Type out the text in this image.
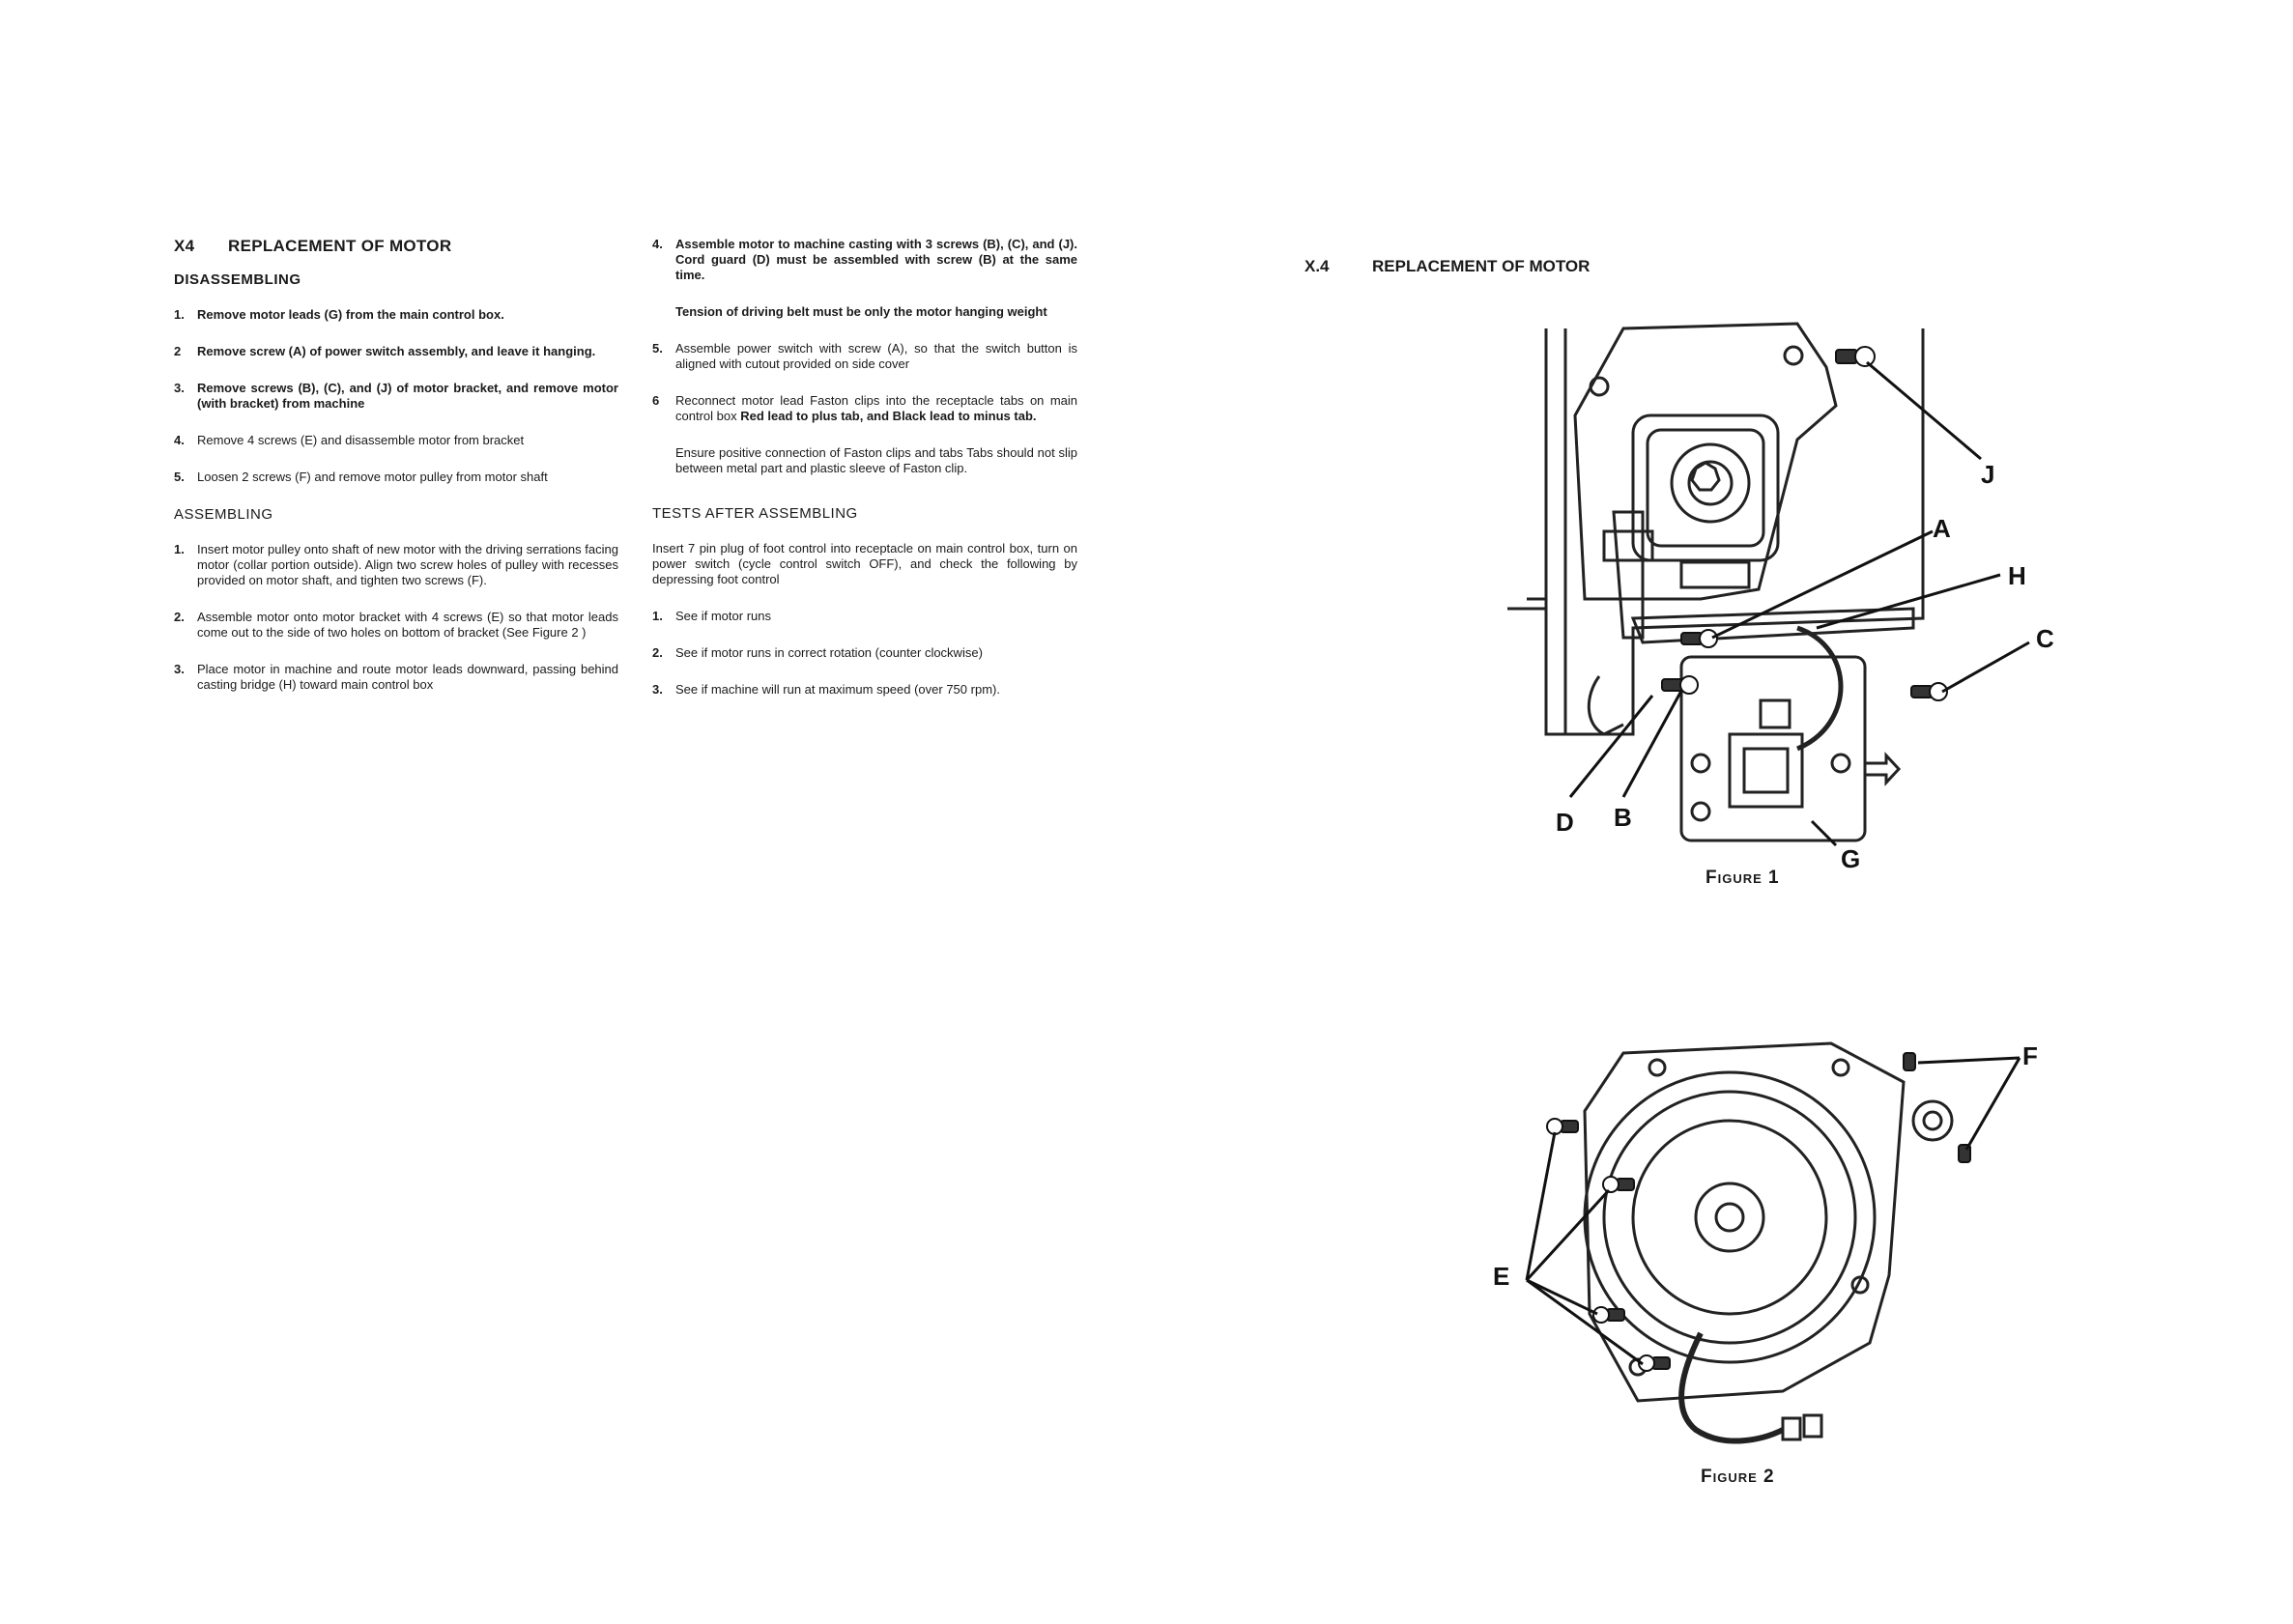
X4	REPLACEMENT OF MOTOR
DISASSEMBLING
1.	Remove motor leads (G) from the main control box.
2	Remove screw (A) of power switch assembly, and leave it hanging.
3.	Remove screws (B), (C), and (J) of motor bracket, and remove motor (with bracket) from machine
4.	Remove 4 screws (E) and disassemble motor from bracket
5.	Loosen 2 screws (F) and remove motor pulley from motor shaft
ASSEMBLING
1.	Insert motor pulley onto shaft of new motor with the driving serrations facing motor (collar portion outside). Align two screw holes of pulley with recesses provided on motor shaft, and tighten two screws (F).
2.	Assemble motor onto motor bracket with 4 screws (E) so that motor leads come out to the side of two holes on bottom of bracket (See Figure 2 )
3.	Place motor in machine and route motor leads downward, passing behind casting bridge (H) toward main control box
4.	Assemble motor to machine casting with 3 screws (B), (C), and (J). Cord guard (D) must be assembled with screw (B) at the same time.
Tension of driving belt must be only the motor hanging weight
5.	Assemble power switch with screw (A), so that the switch button is aligned with cutout provided on side cover
6	Reconnect motor lead Faston clips into the receptacle tabs on main control box Red lead to plus tab, and Black lead to minus tab.
Ensure positive connection of Faston clips and tabs Tabs should not slip between metal part and plastic sleeve of Faston clip.
TESTS AFTER ASSEMBLING
Insert 7 pin plug of foot control into receptacle on main control box, turn on power switch (cycle control switch OFF), and check the following by depressing foot control
1.	See if motor runs
2.	See if motor runs in correct rotation (counter clockwise)
3.	See if machine will run at maximum speed (over 750 rpm).
X.4	REPLACEMENT OF MOTOR
J
A
H
C
D B
G
Figure 1
F
E
Figure 2
